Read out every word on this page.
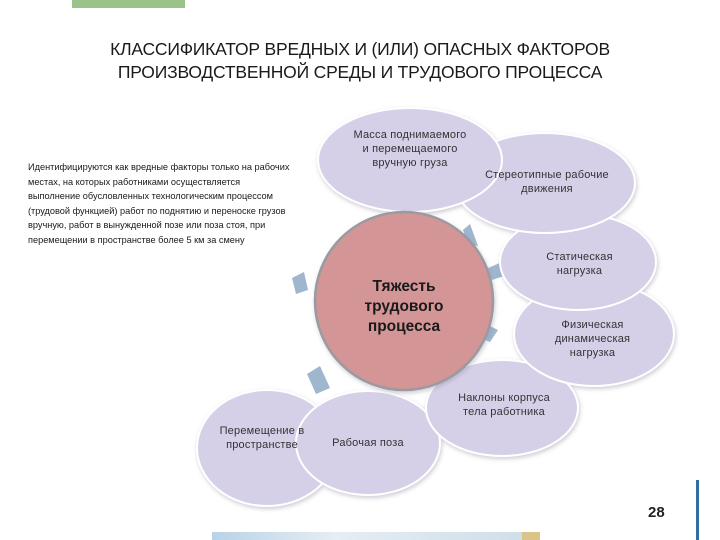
КЛАССИФИКАТОР ВРЕДНЫХ И (ИЛИ) ОПАСНЫХ ФАКТОРОВ
ПРОИЗВОДСТВЕННОЙ СРЕДЫ И ТРУДОВОГО ПРОЦЕССА
Идентифицируются как вредные факторы только на рабочих местах, на которых работниками осуществляется выполнение обусловленных технологическим процессом (трудовой функцией) работ по поднятию и переноске грузов вручную, работ в вынужденной позе или поза стоя, при перемещении в пространстве более 5 км за смену
Масса поднимаемого и перемещаемого вручную груза
Стереотипные рабочие движения
Статическая нагрузка
Физическая динамическая нагрузка
Наклоны корпуса тела работника
Рабочая поза
Перемещение в пространстве
Тяжесть трудового процесса
28
